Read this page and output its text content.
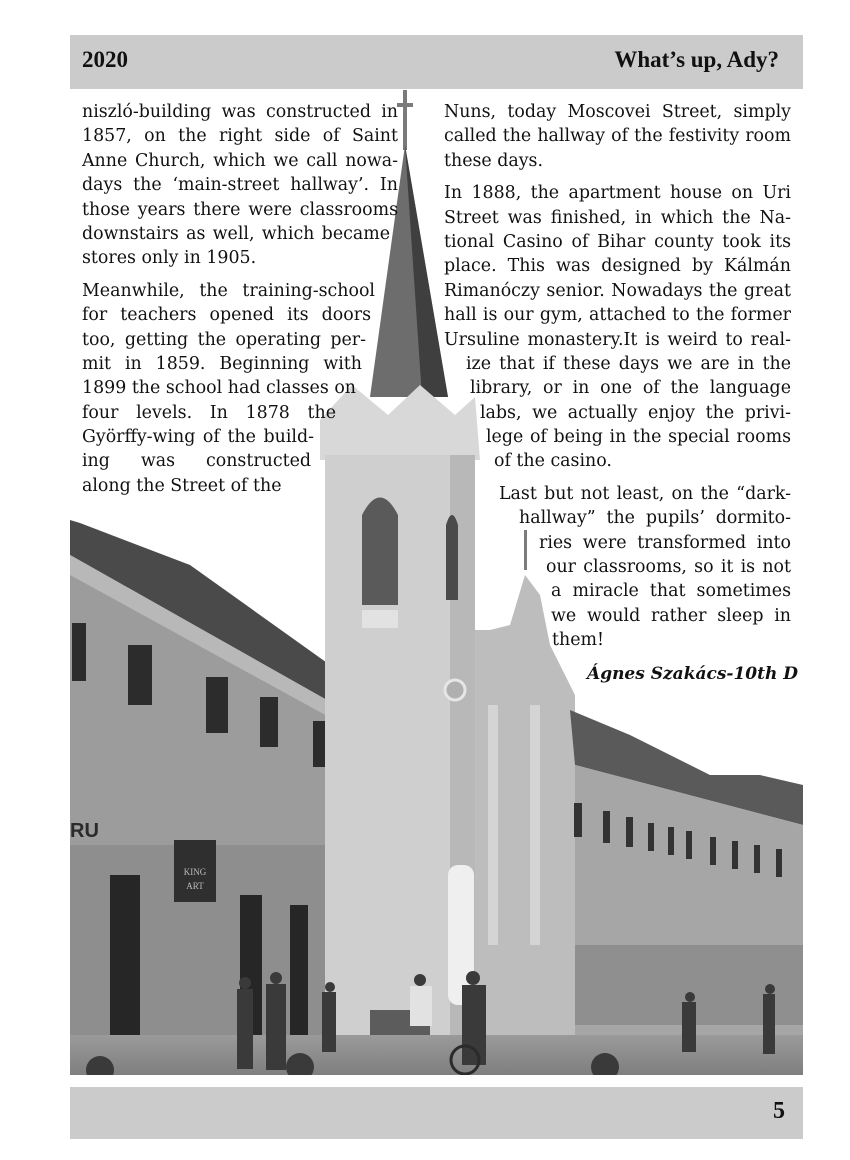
2020	What’s up, Ady?
RU
KING
ART

niszló-building was constructed in
1857, on the right side of Saint
Anne Church, which we call nowa-
days the ‘main-street hallway’. In
those years there were classrooms
downstairs as well, which became
stores only in 1905.

Meanwhile, the training-school
for teachers opened its doors
too, getting the operating per-
mit in 1859. Beginning with
1899 the school had classes on
four levels. In 1878 the
Györffy-wing of the build-
ing was constructed
along the Street of the

Nuns, today Moscovei Street, simply
called the hallway of the festivity room
these days.

In 1888, the apartment house on Uri
Street was finished, in which the Na-
tional Casino of Bihar county took its
place. This was designed by Kálmán
Rimanóczy senior. Nowadays the great
hall is our gym, attached to the former
Ursuline monastery.It is weird to real-
ize that if these days we are in the
library, or in one of the language
labs, we actually enjoy the privi-
lege of being in the special rooms
of the casino.

Last but not least, on the “dark-
hallway” the pupils’ dormito-
ries were transformed into
our classrooms, so it is not
a miracle that sometimes
we would rather sleep in
them!

Ágnes Szakács-10th D
5
